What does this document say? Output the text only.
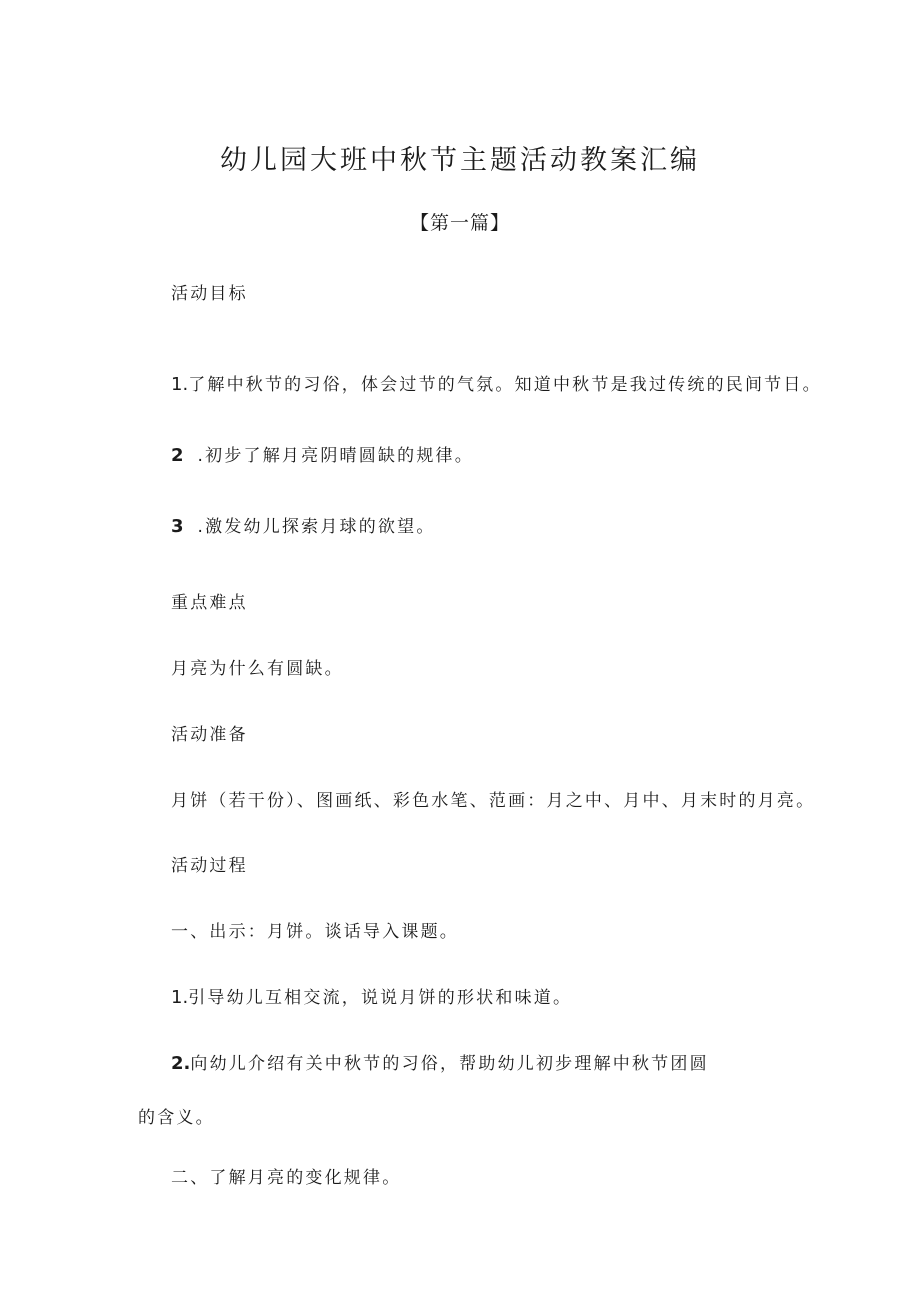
幼儿园大班中秋节主题活动教案汇编
【第一篇】
活动目标
1.了解中秋节的习俗，体会过节的气氛。知道中秋节是我过传统的民间节日。
2 .初步了解月亮阴晴圆缺的规律。
3 .激发幼儿探索月球的欲望。
重点难点
月亮为什么有圆缺。
活动准备
月饼（若干份）、图画纸、彩色水笔、范画：月之中、月中、月末时的月亮。
活动过程
一、出示：月饼。谈话导入课题。
1.引导幼儿互相交流，说说月饼的形状和味道。
2.向幼儿介绍有关中秋节的习俗，帮助幼儿初步理解中秋节团圆
的含义。
二、了解月亮的变化规律。
